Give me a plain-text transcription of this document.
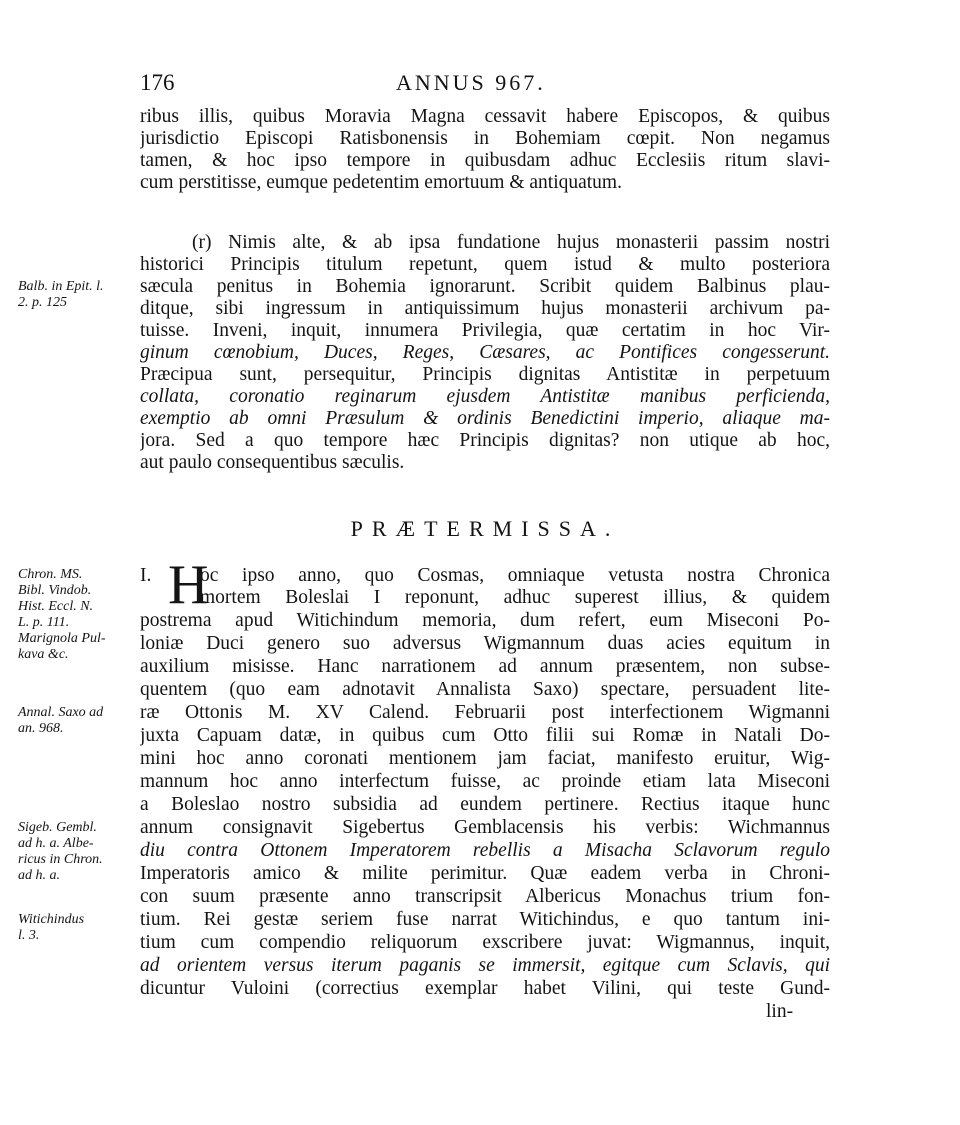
176	ANNUS 967.
ribus illis, quibus Moravia Magna cessavit habere Episcopos, & quibus
jurisdictio Episcopi Ratisbonensis in Bohemiam cœpit. Non negamus
tamen, & hoc ipso tempore in quibusdam adhuc Ecclesiis ritum slavi-
cum perstitisse, eumque pedetentim emortuum & antiquatum.
(r) Nimis alte, & ab ipsa fundatione hujus monasterii passim nostri
historici Principis titulum repetunt, quem istud & multo posteriora
sæcula penitus in Bohemia ignorarunt. Scribit quidem Balbinus plau-
ditque, sibi ingressum in antiquissimum hujus monasterii archivum pa-
tuisse. Inveni, inquit, innumera Privilegia, quæ certatim in hoc Vir-
ginum cœnobium, Duces, Reges, Cæsares, ac Pontifices congesserunt.
Præcipua sunt, persequitur, Principis dignitas Antistitæ in perpetuum
collata, coronatio reginarum ejusdem Antistitæ manibus perficienda,
exemptio ab omni Præsulum & ordinis Benedictini imperio, aliaque ma-
jora. Sed a quo tempore hæc Principis dignitas? non utique ab hoc,
aut paulo consequentibus sæculis.
PRÆTERMISSA.
I. H
oc ipso anno, quo Cosmas, omniaque vetusta nostra Chronica
mortem Boleslai I reponunt, adhuc superest illius, & quidem
postrema apud Witichindum memoria, dum refert, eum Miseconi Po-
loniæ Duci genero suo adversus Wigmannum duas acies equitum in
auxilium misisse. Hanc narrationem ad annum præsentem, non subse-
quentem (quo eam adnotavit Annalista Saxo) spectare, persuadent lite-
ræ Ottonis M. XV Calend. Februarii post interfectionem Wigmanni
juxta Capuam datæ, in quibus cum Otto filii sui Romæ in Natali Do-
mini hoc anno coronati mentionem jam faciat, manifesto eruitur, Wig-
mannum hoc anno interfectum fuisse, ac proinde etiam lata Miseconi
a Boleslao nostro subsidia ad eundem pertinere. Rectius itaque hunc
annum consignavit Sigebertus Gemblacensis his verbis: Wichmannus
diu contra Ottonem Imperatorem rebellis a Misacha Sclavorum regulo
Imperatoris amico & milite perimitur. Quæ eadem verba in Chroni-
con suum præsente anno transcripsit Albericus Monachus trium fon-
tium. Rei gestæ seriem fuse narrat Witichindus, e quo tantum ini-
tium cum compendio reliquorum exscribere juvat: Wigmannus, inquit,
ad orientem versus iterum paganis se immersit, egitque cum Sclavis, qui
dicuntur Vuloini (correctius exemplar habet Vilini, qui teste Gund-
lin-
Balb. in Epit. l.
2. p. 125
Chron. MS.
Bibl. Vindob.
Hist. Eccl. N.
L. p. 111.
Marignola Pul-
kava &c.
Annal. Saxo ad
an. 968.
Sigeb. Gembl.
ad h. a. Albe-
ricus in Chron.
ad h. a.
Witichindus
l. 3.
